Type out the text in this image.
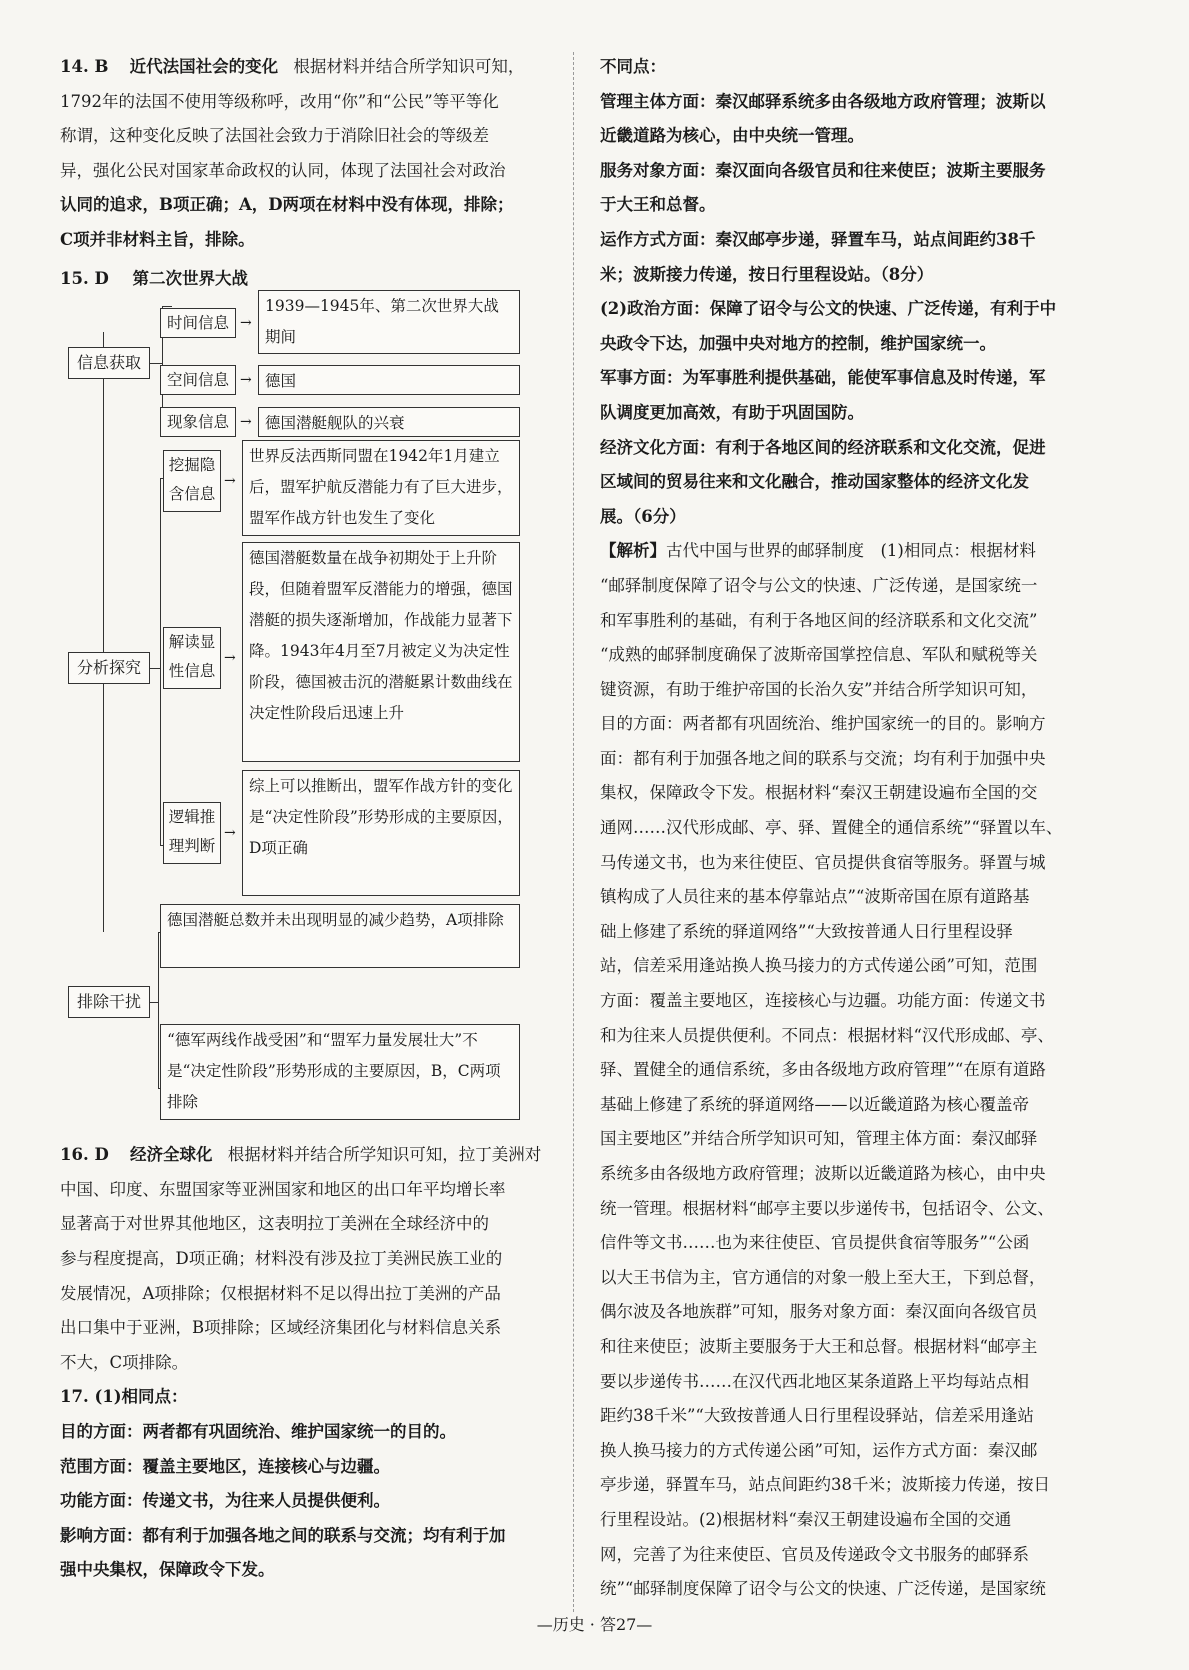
14. B 近代法国社会的变化 根据材料并结合所学知识可知，

1792年的法国不使用等级称呼，改用“你”和“公民”等平等化

称谓，这种变化反映了法国社会致力于消除旧社会的等级差

异，强化公民对国家革命政权的认同，体现了法国社会对政治

认同的追求，B项正确；A，D两项在材料中没有体现，排除；

C项并非材料主旨，排除。

15. D 第二次世界大战

信息获取
时间信息 →
1939—1945年、第二次世界大战期间
空间信息 → 德国
现象信息 → 德国潜艇舰队的兴衰
分析探究
挖掘隐
含信息
→
世界反法西斯同盟在1942年1月建立后，盟军护航反潜能力有了巨大进步，盟军作战方针也发生了变化
解读显
性信息
→
德国潜艇数量在战争初期处于上升阶段，但随着盟军反潜能力的增强，德国潜艇的损失逐渐增加，作战能力显著下降。1943年4月至7月被定义为决定性阶段，德国被击沉的潜艇累计数曲线在决定性阶段后迅速上升
逻辑推
理判断
→
综上可以推断出，盟军作战方针的变化是“决定性阶段”形势形成的主要原因，D项正确
排除干扰
德国潜艇总数并未出现明显的减少趋势，A项排除
“德军两线作战受困”和“盟军力量发展壮大”不是“决定性阶段”形势形成的主要原因，B，C两项排除

16. D 经济全球化 根据材料并结合所学知识可知，拉丁美洲对

中国、印度、东盟国家等亚洲国家和地区的出口年平均增长率

显著高于对世界其他地区，这表明拉丁美洲在全球经济中的

参与程度提高，D项正确；材料没有涉及拉丁美洲民族工业的

发展情况，A项排除；仅根据材料不足以得出拉丁美洲的产品

出口集中于亚洲，B项排除；区域经济集团化与材料信息关系

不大，C项排除。

17. (1)相同点：

目的方面：两者都有巩固统治、维护国家统一的目的。

范围方面：覆盖主要地区，连接核心与边疆。

功能方面：传递文书，为往来人员提供便利。

影响方面：都有利于加强各地之间的联系与交流；均有利于加

强中央集权，保障政令下发。

不同点：

管理主体方面：秦汉邮驿系统多由各级地方政府管理；波斯以

近畿道路为核心，由中央统一管理。

服务对象方面：秦汉面向各级官员和往来使臣；波斯主要服务

于大王和总督。

运作方式方面：秦汉邮亭步递，驿置车马，站点间距约38千

米；波斯接力传递，按日行里程设站。（8分）

(2)政治方面：保障了诏令与公文的快速、广泛传递，有利于中

央政令下达，加强中央对地方的控制，维护国家统一。

军事方面：为军事胜利提供基础，能使军事信息及时传递，军

队调度更加高效，有助于巩固国防。

经济文化方面：有利于各地区间的经济联系和文化交流，促进

区域间的贸易往来和文化融合，推动国家整体的经济文化发

展。（6分）

【解析】古代中国与世界的邮驿制度　(1)相同点：根据材料

“邮驿制度保障了诏令与公文的快速、广泛传递，是国家统一

和军事胜利的基础，有利于各地区间的经济联系和文化交流”

“成熟的邮驿制度确保了波斯帝国掌控信息、军队和赋税等关

键资源，有助于维护帝国的长治久安”并结合所学知识可知，

目的方面：两者都有巩固统治、维护国家统一的目的。影响方

面：都有利于加强各地之间的联系与交流；均有利于加强中央

集权，保障政令下发。根据材料“秦汉王朝建设遍布全国的交

通网……汉代形成邮、亭、驿、置健全的通信系统”“驿置以车、

马传递文书，也为来往使臣、官员提供食宿等服务。驿置与城

镇构成了人员往来的基本停靠站点”“波斯帝国在原有道路基

础上修建了系统的驿道网络”“大致按普通人日行里程设驿

站，信差采用逢站换人换马接力的方式传递公函”可知，范围

方面：覆盖主要地区，连接核心与边疆。功能方面：传递文书

和为往来人员提供便利。不同点：根据材料“汉代形成邮、亭、

驿、置健全的通信系统，多由各级地方政府管理”“在原有道路

基础上修建了系统的驿道网络——以近畿道路为核心覆盖帝

国主要地区”并结合所学知识可知，管理主体方面：秦汉邮驿

系统多由各级地方政府管理；波斯以近畿道路为核心，由中央

统一管理。根据材料“邮亭主要以步递传书，包括诏令、公文、

信件等文书……也为来往使臣、官员提供食宿等服务”“公函

以大王书信为主，官方通信的对象一般上至大王，下到总督，

偶尔波及各地族群”可知，服务对象方面：秦汉面向各级官员

和往来使臣；波斯主要服务于大王和总督。根据材料“邮亭主

要以步递传书……在汉代西北地区某条道路上平均每站点相

距约38千米”“大致按普通人日行里程设驿站，信差采用逢站

换人换马接力的方式传递公函”可知，运作方式方面：秦汉邮

亭步递，驿置车马，站点间距约38千米；波斯接力传递，按日

行里程设站。(2)根据材料“秦汉王朝建设遍布全国的交通

网，完善了为往来使臣、官员及传递政令文书服务的邮驿系

统”“邮驿制度保障了诏令与公文的快速、广泛传递，是国家统

—历史 · 答27—
